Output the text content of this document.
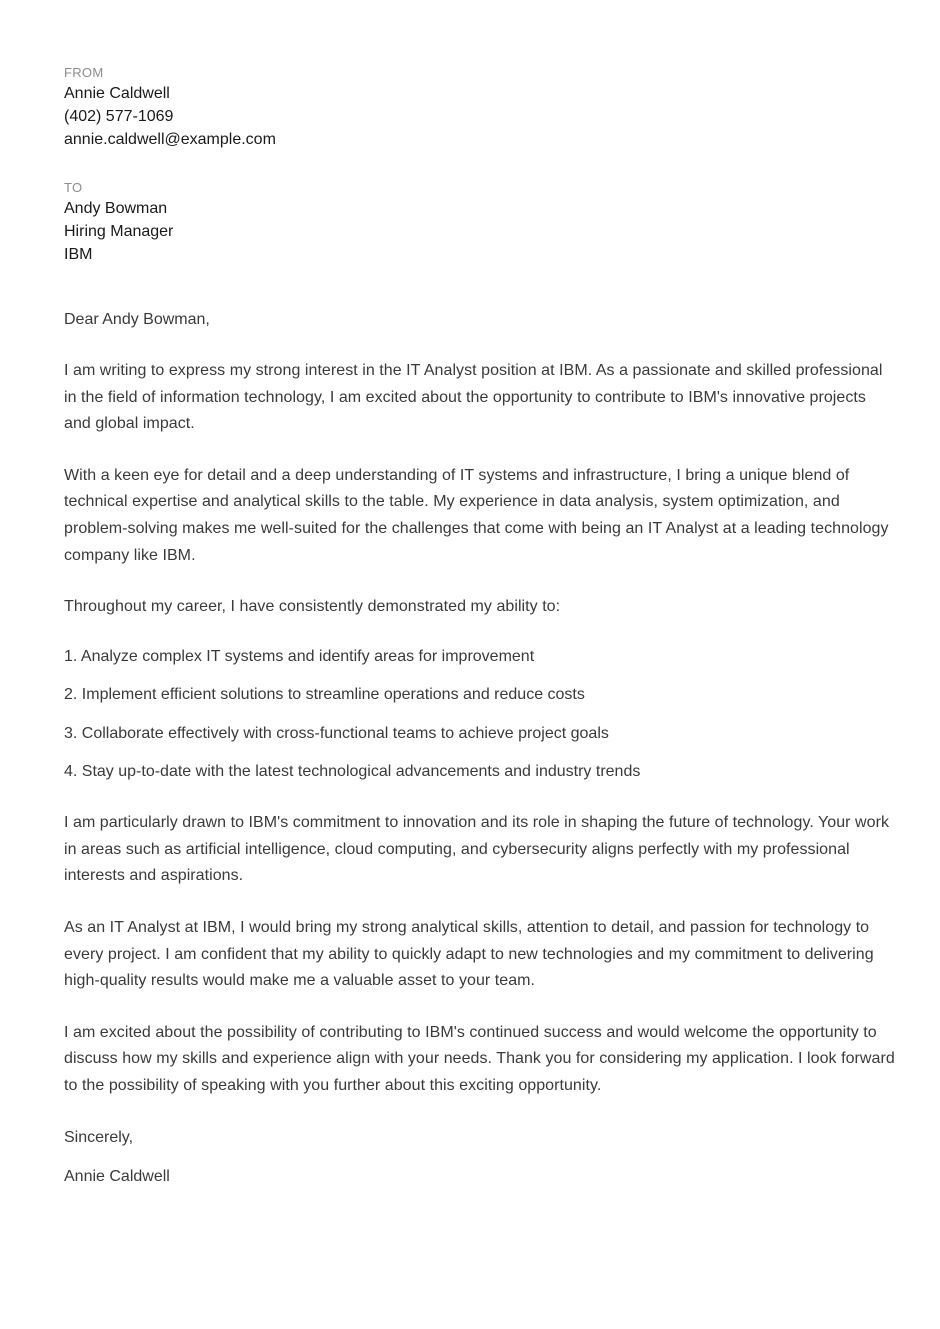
FROM
Annie Caldwell
(402) 577-1069
annie.caldwell@example.com
TO
Andy Bowman
Hiring Manager
IBM
Dear Andy Bowman,
I am writing to express my strong interest in the IT Analyst position at IBM. As a passionate and skilled professional in the field of information technology, I am excited about the opportunity to contribute to IBM's innovative projects and global impact.
With a keen eye for detail and a deep understanding of IT systems and infrastructure, I bring a unique blend of technical expertise and analytical skills to the table. My experience in data analysis, system optimization, and problem-solving makes me well-suited for the challenges that come with being an IT Analyst at a leading technology company like IBM.
Throughout my career, I have consistently demonstrated my ability to:
1. Analyze complex IT systems and identify areas for improvement
2. Implement efficient solutions to streamline operations and reduce costs
3. Collaborate effectively with cross-functional teams to achieve project goals
4. Stay up-to-date with the latest technological advancements and industry trends
I am particularly drawn to IBM's commitment to innovation and its role in shaping the future of technology. Your work in areas such as artificial intelligence, cloud computing, and cybersecurity aligns perfectly with my professional interests and aspirations.
As an IT Analyst at IBM, I would bring my strong analytical skills, attention to detail, and passion for technology to every project. I am confident that my ability to quickly adapt to new technologies and my commitment to delivering high-quality results would make me a valuable asset to your team.
I am excited about the possibility of contributing to IBM's continued success and would welcome the opportunity to discuss how my skills and experience align with your needs. Thank you for considering my application. I look forward to the possibility of speaking with you further about this exciting opportunity.
Sincerely,
Annie Caldwell
